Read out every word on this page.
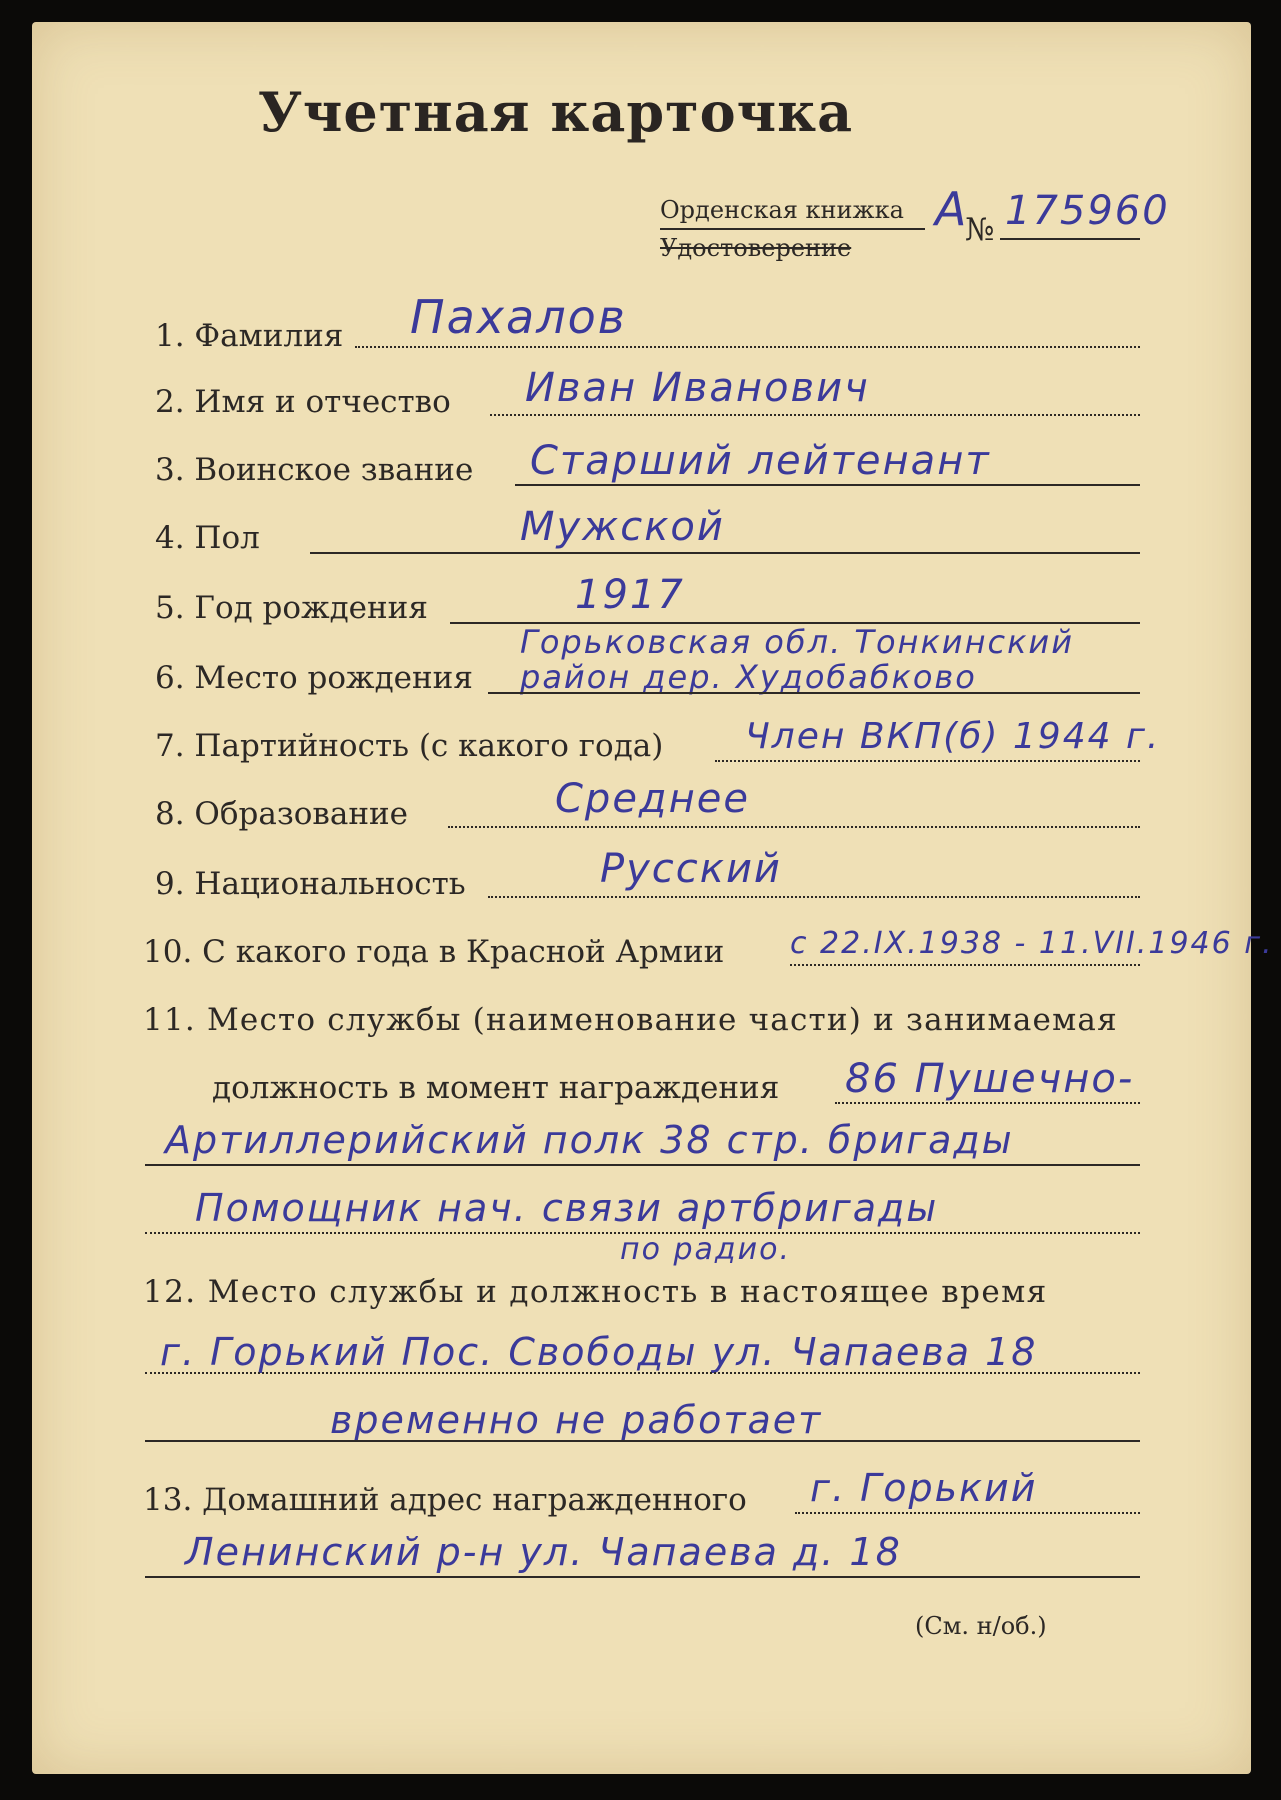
Учетная карточка
Орденская книжка
Удостоверение
А
№ 175960
1. Фамилия Пахалов
2. Имя и отчество Иван Иванович
3. Воинское звание Старший лейтенант
4. Пол	Мужской
5. Год рождения	1917
Горьковская обл. Тонкинский
6. Место рождения район дер. Худобабково
7. Партийность (с какого года) Член ВКП(б) 1944 г.
8. Образование	Среднее
9. Национальность	Русский
10. С какого года в Красной Армии с 22.IX.1938 - 11.VII.1946 г.
11. Место службы (наименование части) и занимаемая
должность в момент награждения 86 Пушечно-
Артиллерийский полк 38 стр. бригады
Помощник нач. связи артбригады
по радио.
12. Место службы и должность в настоящее время
г. Горький Пос. Свободы ул. Чапаева 18
временно не работает
13. Домашний адрес награжденного г. Горький
Ленинский р-н ул. Чапаева д. 18
(См. н/об.)
